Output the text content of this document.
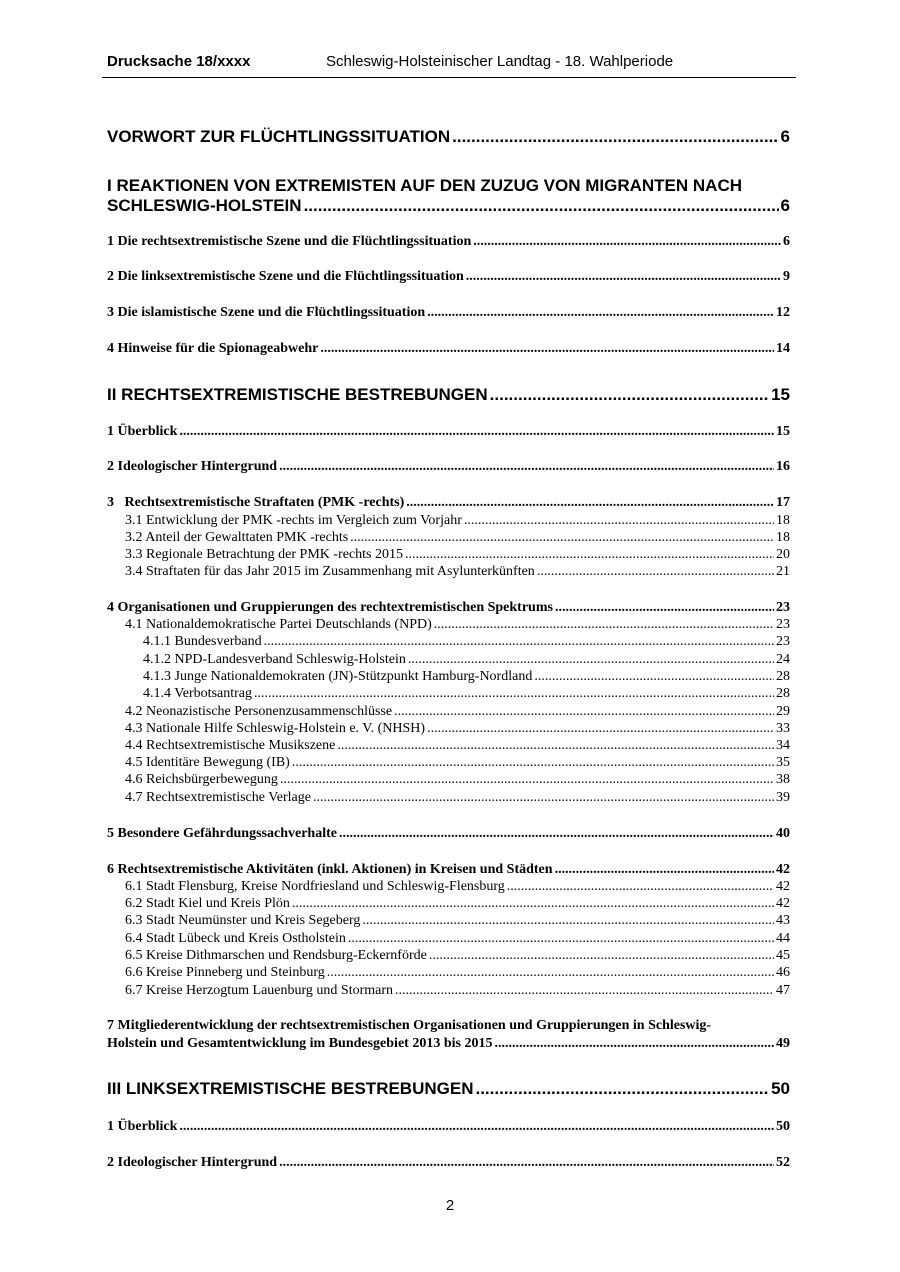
Drucksache 18/xxxx	Schleswig-Holsteinischer Landtag - 18. Wahlperiode
VORWORT ZUR FLÜCHTLINGSSITUATION .....	6
I REAKTIONEN VON EXTREMISTEN AUF DEN ZUZUG VON MIGRANTEN NACH
SCHLESWIG-HOLSTEIN .....	6
1 Die rechtsextremistische Szene und die Flüchtlingssituation .....	6
2 Die linksextremistische Szene und die Flüchtlingssituation .....	9
3 Die islamistische Szene und die Flüchtlingssituation .....	12
4 Hinweise für die Spionageabwehr .....	14
II RECHTSEXTREMISTISCHE BESTREBUNGEN .....	15
1 Überblick .....	15
2 Ideologischer Hintergrund .....	16
3   Rechtsextremistische Straftaten (PMK -rechts) .....	17
3.1 Entwicklung der PMK -rechts im Vergleich zum Vorjahr .....	18
3.2 Anteil der Gewalttaten PMK -rechts .....	18
3.3 Regionale Betrachtung der PMK -rechts 2015 .....	20
3.4 Straftaten für das Jahr 2015 im Zusammenhang mit Asylunterkünften .....	21
4 Organisationen und Gruppierungen des rechtextremistischen Spektrums .....	23
4.1 Nationaldemokratische Partei Deutschlands (NPD) .....	23
4.1.1 Bundesverband .....	23
4.1.2 NPD-Landesverband Schleswig-Holstein .....	24
4.1.3 Junge Nationaldemokraten (JN)-Stützpunkt Hamburg-Nordland .....	28
4.1.4 Verbotsantrag .....	28
4.2 Neonazistische Personenzusammenschlüsse .....	29
4.3 Nationale Hilfe Schleswig-Holstein e. V. (NHSH) .....	33
4.4 Rechtsextremistische Musikszene .....	34
4.5 Identitäre Bewegung (IB) .....	35
4.6 Reichsbürgerbewegung .....	38
4.7 Rechtsextremistische Verlage .....	39
5 Besondere Gefährdungssachverhalte .....	40
6 Rechtsextremistische Aktivitäten (inkl. Aktionen) in Kreisen und Städten .....	42
6.1 Stadt Flensburg, Kreise Nordfriesland und Schleswig-Flensburg .....	42
6.2 Stadt Kiel und Kreis Plön .....	42
6.3 Stadt Neumünster und Kreis Segeberg .....	43
6.4 Stadt Lübeck und Kreis Ostholstein .....	44
6.5 Kreise Dithmarschen und Rendsburg-Eckernförde .....	45
6.6 Kreise Pinneberg und Steinburg .....	46
6.7 Kreise Herzogtum Lauenburg und Stormarn .....	47
7 Mitgliederentwicklung der rechtsextremistischen Organisationen und Gruppierungen in Schleswig-
Holstein und Gesamtentwicklung im Bundesgebiet 2013 bis 2015 .....	49
III LINKSEXTREMISTISCHE BESTREBUNGEN .....	50
1 Überblick .....	50
2 Ideologischer Hintergrund .....	52
2
